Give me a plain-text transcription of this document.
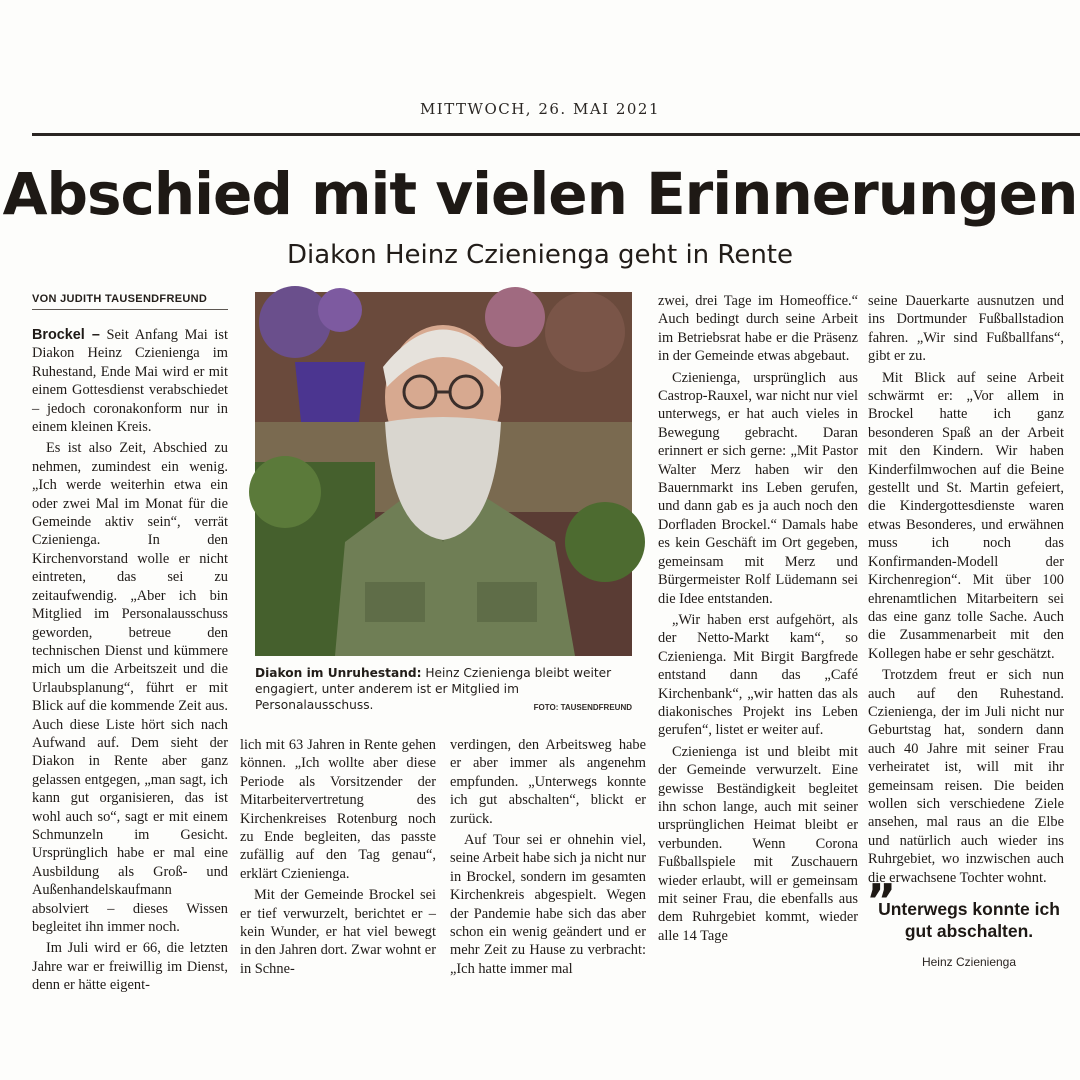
MITTWOCH, 26. MAI 2021
Abschied mit vielen Erinnerungen
Diakon Heinz Czienienga geht in Rente
VON JUDITH TAUSENDFREUND

Brockel – Seit Anfang Mai ist Diakon Heinz Czienienga im Ruhestand, Ende Mai wird er mit einem Gottesdienst verabschiedet – jedoch coronakonform nur in einem kleinen Kreis.

Es ist also Zeit, Abschied zu nehmen, zumindest ein wenig. „Ich werde weiterhin etwa ein oder zwei Mal im Monat für die Gemeinde aktiv sein“, verrät Czienienga. In den Kirchenvorstand wolle er nicht eintreten, das sei zu zeitaufwendig. „Aber ich bin Mitglied im Personalausschuss geworden, betreue den technischen Dienst und kümmere mich um die Arbeitszeit und die Urlaubsplanung“, führt er mit Blick auf die kommende Zeit aus. Auch diese Liste hört sich nach Aufwand auf. Dem sieht der Diakon in Rente aber ganz gelassen entgegen, „man sagt, ich kann gut organisieren, das ist wohl auch so“, sagt er mit einem Schmunzeln im Gesicht. Ursprünglich habe er mal eine Ausbildung als Groß- und Außenhandelskaufmann absolviert – dieses Wissen begleitet ihn immer noch.

Im Juli wird er 66, die letzten Jahre war er freiwillig im Dienst, denn er hätte eigent-

Diakon im Unruhestand: Heinz Czienienga bleibt weiter engagiert, unter anderem ist er Mitglied im Personalausschuss.	FOTO: TAUSENDFREUND

lich mit 63 Jahren in Rente gehen können. „Ich wollte aber diese Periode als Vorsitzender der Mitarbeitervertretung des Kirchenkreises Rotenburg noch zu Ende begleiten, das passte zufällig auf den Tag genau“, erklärt Czienienga.

Mit der Gemeinde Brockel sei er tief verwurzelt, berichtet er – kein Wunder, er hat viel bewegt in den Jahren dort. Zwar wohnt er in Schne-

verdingen, den Arbeitsweg habe er aber immer als angenehm empfunden. „Unterwegs konnte ich gut abschalten“, blickt er zurück.

Auf Tour sei er ohnehin viel, seine Arbeit habe sich ja nicht nur in Brockel, sondern im gesamten Kirchenkreis abgespielt. Wegen der Pandemie habe sich das aber schon ein wenig geändert und er mehr Zeit zu Hause zu verbracht: „Ich hatte immer mal

zwei, drei Tage im Homeoffice.“ Auch bedingt durch seine Arbeit im Betriebsrat habe er die Präsenz in der Gemeinde etwas abgebaut.

Czienienga, ursprünglich aus Castrop-Rauxel, war nicht nur viel unterwegs, er hat auch vieles in Bewegung gebracht. Daran erinnert er sich gerne: „Mit Pastor Walter Merz haben wir den Bauernmarkt ins Leben gerufen, und dann gab es ja auch noch den Dorfladen Brockel.“ Damals habe es kein Geschäft im Ort gegeben, gemeinsam mit Merz und Bürgermeister Rolf Lüdemann sei die Idee entstanden.

„Wir haben erst aufgehört, als der Netto-Markt kam“, so Czienienga. Mit Birgit Bargfrede entstand dann das „Café Kirchenbank“, „wir hatten das als diakonisches Projekt ins Leben gerufen“, listet er weiter auf.

Czienienga ist und bleibt mit der Gemeinde verwurzelt. Eine gewisse Beständigkeit begleitet ihn schon lange, auch mit seiner ursprünglichen Heimat bleibt er verbunden. Wenn Corona Fußballspiele mit Zuschauern wieder erlaubt, will er gemeinsam mit seiner Frau, die ebenfalls aus dem Ruhrgebiet kommt, wieder alle 14 Tage

seine Dauerkarte ausnutzen und ins Dortmunder Fußballstadion fahren. „Wir sind Fußballfans“, gibt er zu.

Mit Blick auf seine Arbeit schwärmt er: „Vor allem in Brockel hatte ich ganz besonderen Spaß an der Arbeit mit den Kindern. Wir haben Kinderfilmwochen auf die Beine gestellt und St. Martin gefeiert, die Kindergottesdienste waren etwas Besonderes, und erwähnen muss ich noch das Konfirmanden-Modell der Kirchenregion“. Mit über 100 ehrenamtlichen Mitarbeitern sei das eine ganz tolle Sache. Auch die Zusammenarbeit mit den Kollegen habe er sehr geschätzt.

Trotzdem freut er sich nun auch auf den Ruhestand. Czienienga, der im Juli nicht nur Geburtstag hat, sondern dann auch 40 Jahre mit seiner Frau verheiratet ist, will mit ihr gemeinsam reisen. Die beiden wollen sich verschiedene Ziele ansehen, mal raus an die Elbe und natürlich auch wieder ins Ruhrgebiet, wo inzwischen auch die erwachsene Tochter wohnt.

”
Unterwegs konnte ich gut abschalten.
Heinz Czienienga
